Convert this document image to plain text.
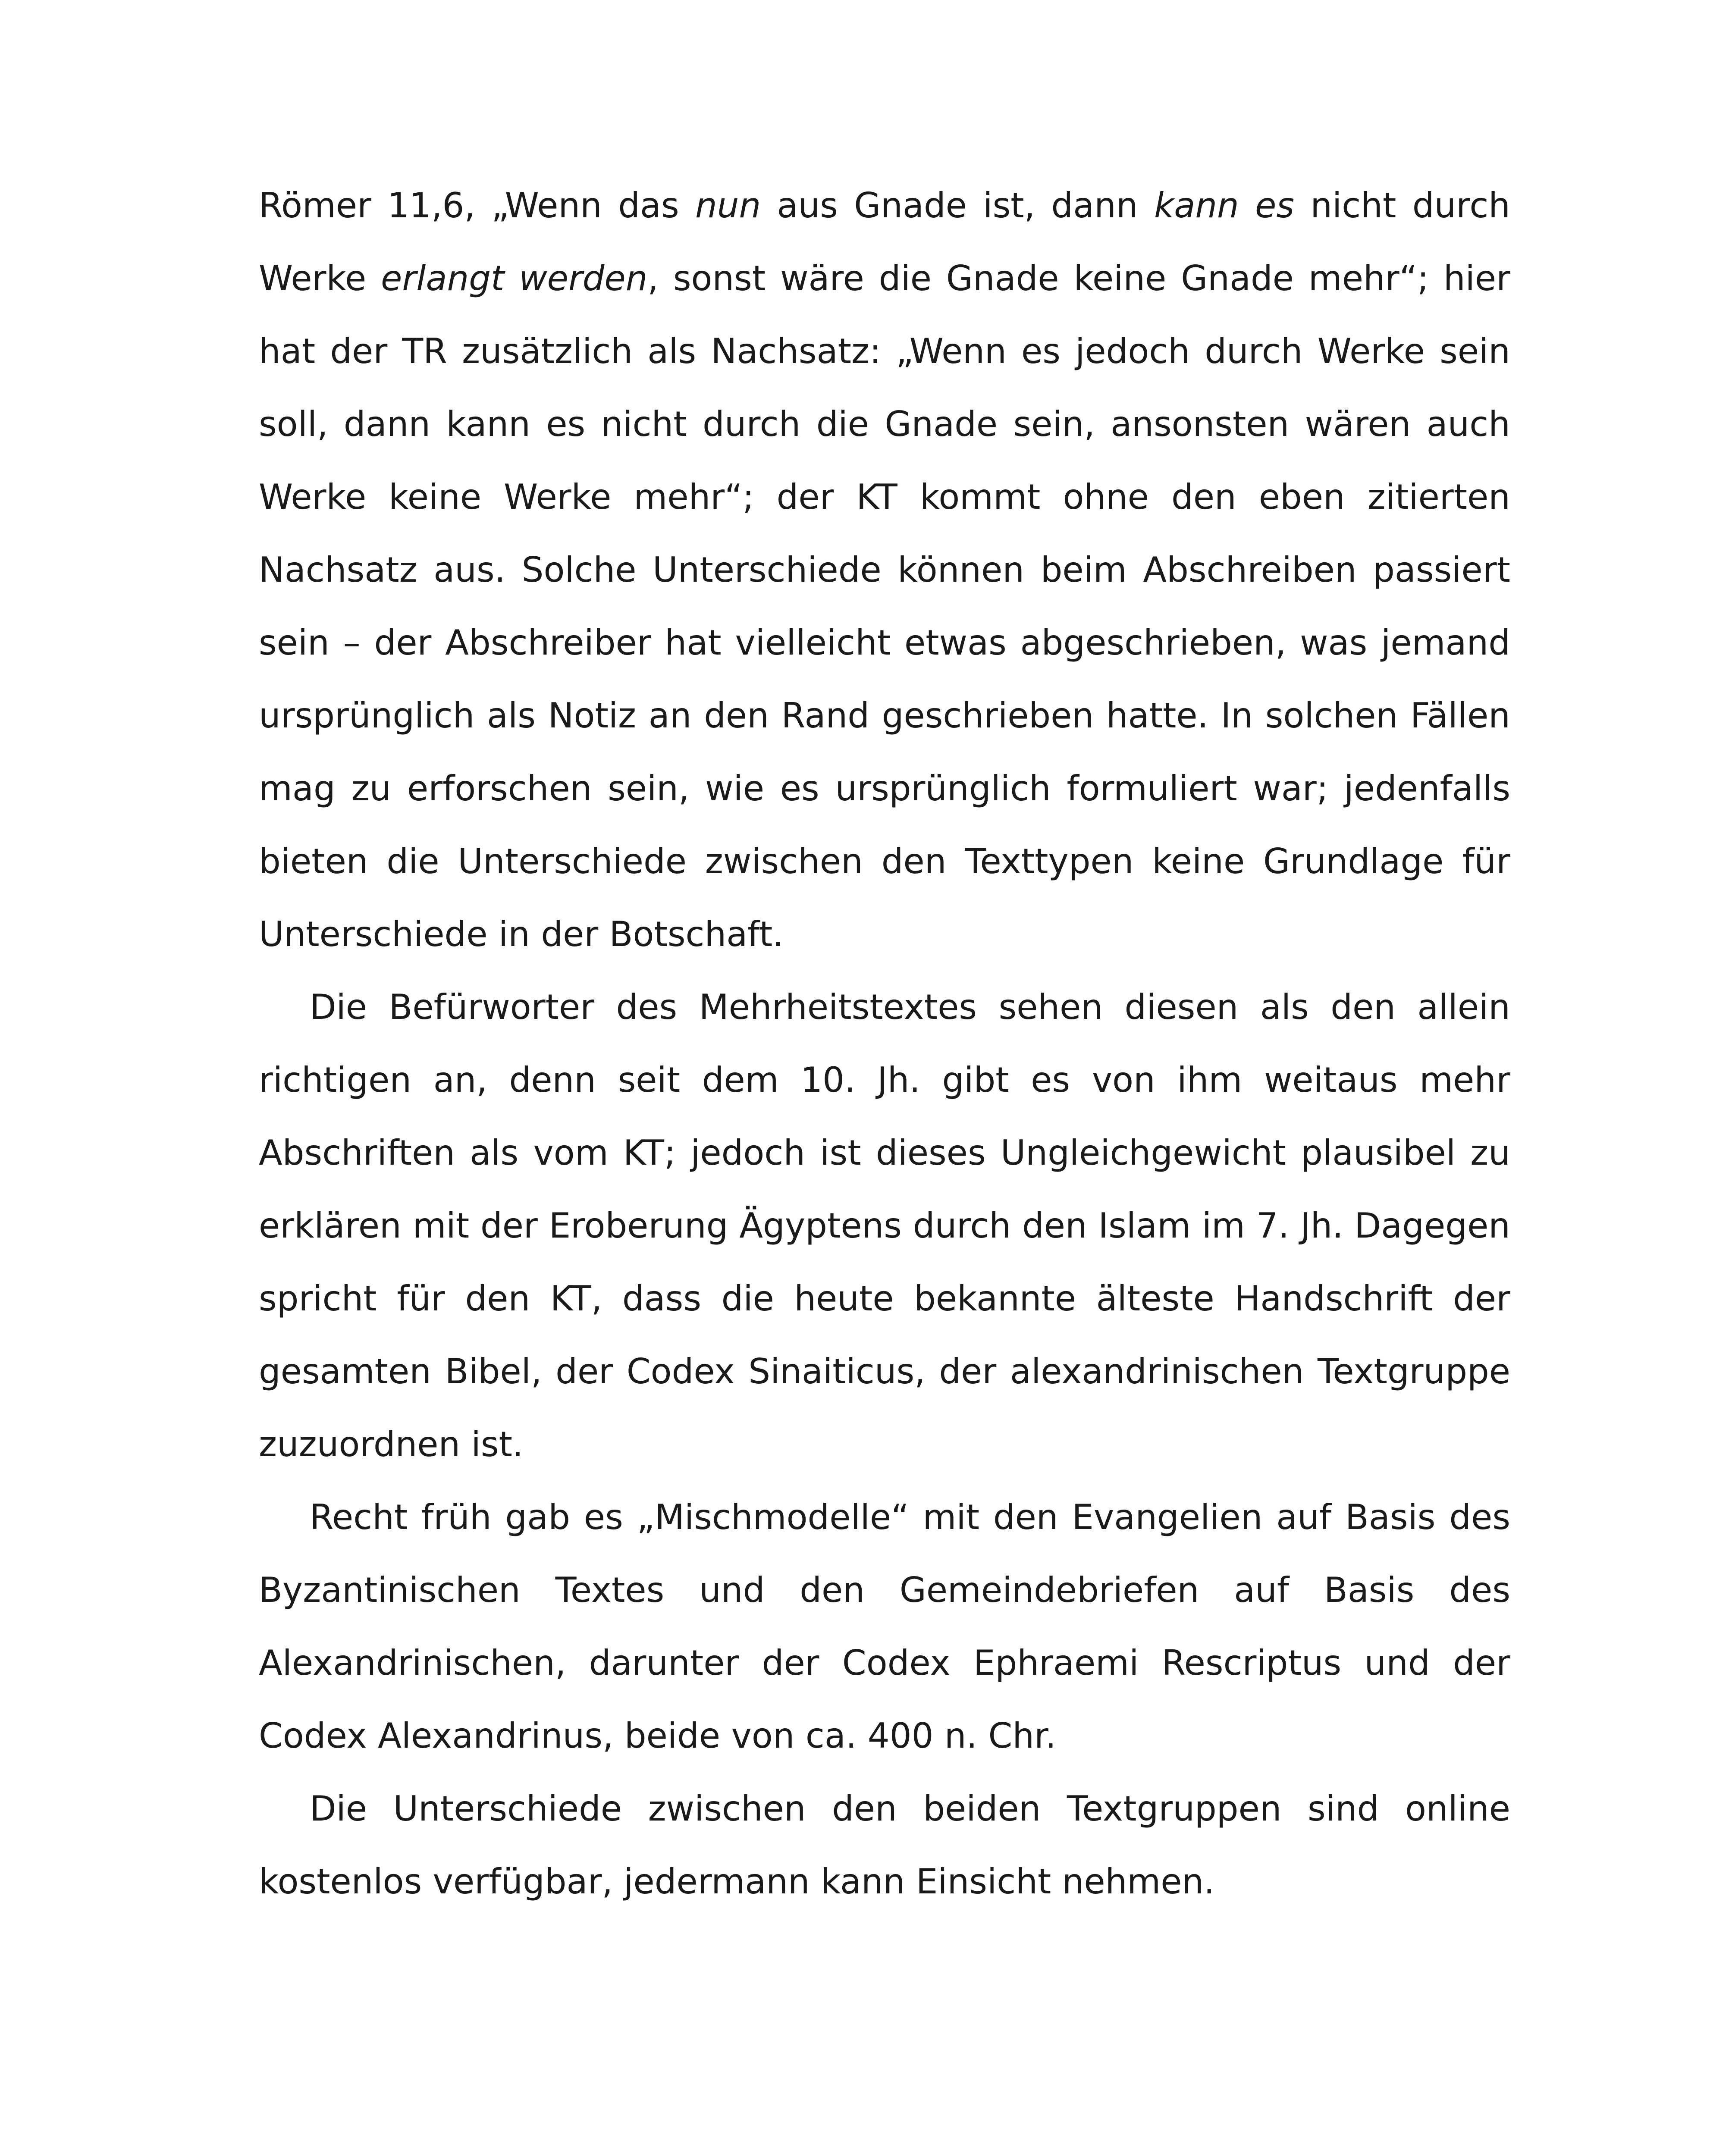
Römer 11,6, „Wenn das nun aus Gnade ist, dann kann es nicht durch Werke erlangt werden, sonst wäre die Gnade keine Gnade mehr“; hier hat der TR zusätzlich als Nachsatz: „Wenn es jedoch durch Werke sein soll, dann kann es nicht durch die Gnade sein, ansonsten wären auch Werke keine Werke mehr“; der KT kommt ohne den eben zitierten Nachsatz aus. Solche Unterschiede können beim Abschreiben passiert sein – der Abschreiber hat vielleicht etwas abgeschrieben, was jemand ursprünglich als Notiz an den Rand geschrieben hatte. In solchen Fällen mag zu erforschen sein, wie es ursprünglich formuliert war; jedenfalls bieten die Unterschiede zwischen den Texttypen keine Grundlage für Unterschiede in der Botschaft.

Die Befürworter des Mehrheitstextes sehen diesen als den allein richtigen an, denn seit dem 10. Jh. gibt es von ihm weitaus mehr Abschriften als vom KT; jedoch ist dieses Ungleichgewicht plausibel zu erklären mit der Eroberung Ägyptens durch den Islam im 7. Jh. Dagegen spricht für den KT, dass die heute bekannte älteste Handschrift der gesamten Bibel, der Codex Sinaiticus, der alexandrinischen Textgruppe zuzuordnen ist.

Recht früh gab es „Mischmodelle“ mit den Evangelien auf Basis des Byzantinischen Textes und den Gemeindebriefen auf Basis des Alexandrinischen, darunter der Codex Ephraemi Rescriptus und der Codex Alexandrinus, beide von ca. 400 n. Chr.

Die Unterschiede zwischen den beiden Textgruppen sind online kostenlos verfügbar, jedermann kann Einsicht nehmen.
